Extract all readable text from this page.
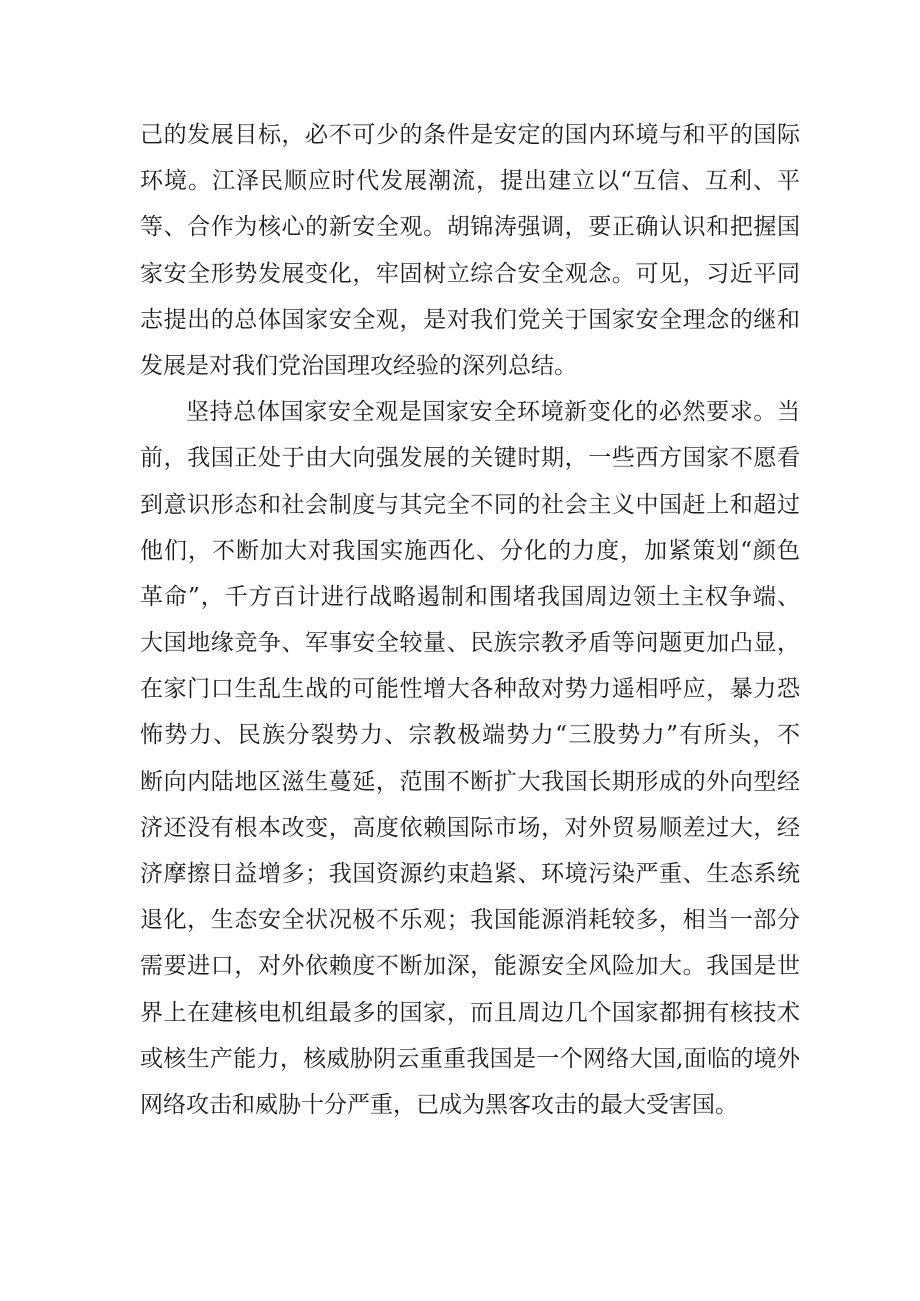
己的发展目标，必不可少的条件是安定的国内环境与和平的国际
环境。江泽民顺应时代发展潮流，提出建立以“互信、互利、平
等、合作为核心的新安全观。胡锦涛强调，要正确认识和把握国
家安全形势发展变化，牢固树立综合安全观念。可见，习近平同
志提出的总体国家安全观，是对我们党关于国家安全理念的继和
发展是对我们党治国理攻经验的深列总结。
坚持总体国家安全观是国家安全环境新变化的必然要求。当
前，我国正处于由大向强发展的关键时期，一些西方国家不愿看
到意识形态和社会制度与其完全不同的社会主义中国赶上和超过
他们，不断加大对我国实施西化、分化的力度，加紧策划“颜色
革命”，千方百计进行战略遏制和围堵我国周边领土主权争端、
大国地缘竞争、军事安全较量、民族宗教矛盾等问题更加凸显，
在家门口生乱生战的可能性增大各种敌对势力遥相呼应，暴力恐
怖势力、民族分裂势力、宗教极端势力“三股势力”有所头，不
断向内陆地区滋生蔓延，范围不断扩大我国长期形成的外向型经
济还没有根本改变，高度依赖国际市场，对外贸易顺差过大，经
济摩擦日益增多；我国资源约束趋紧、环境污染严重、生态系统
退化，生态安全状况极不乐观；我国能源消耗较多，相当一部分
需要进口，对外依赖度不断加深，能源安全风险加大。我国是世
界上在建核电机组最多的国家，而且周边几个国家都拥有核技术
或核生产能力，核威胁阴云重重我国是一个网络大国,面临的境外
网络攻击和威胁十分严重，已成为黑客攻击的最大受害国。
